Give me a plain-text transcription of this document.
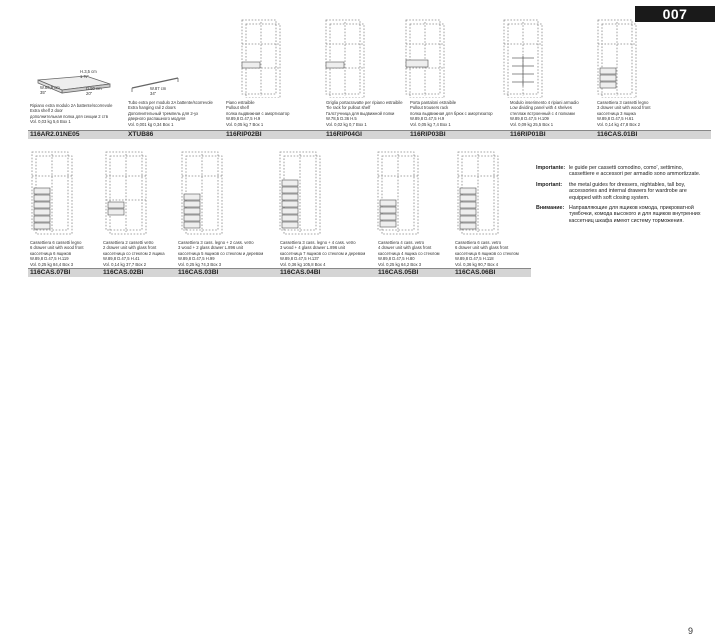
007
H.3,5 cm
1 ⅜"
W.86,8 cm
35"
D.50 cm
20"
W.87 cm
34"
Ripiano extra modulo 2A battente/scorrevole
Extra shelf 2 door
дополнительная полка для секции 2 ств
Vol. 0,03 kg 5,6 Box 1
Tubo extra per modulo 2A battente/scorrevole
Extra hanging rail 2 doors
Дополнительный тремпель для 2-ух
дверного распашного модуля
Vol. 0,001 kg 0,34 Box 1
Piano estraibile
Pullout shelf
полка выдвижная с амортизатор
W.89,8 D.47,5 H.9
Vol. 0,05 kg 7 Box 1
Griglia portacravatte per ripiano estraibile
Tie rack for pullout shelf
Галстучница для выдвижной полки
W.78,5 D.36 H.5
Vol. 0,02 kg 0,7 Box 1
Porta pantaloni estraibile
Pullout trousers rack
полка выдвижная для брюк с амортизатор
W.89,8 D.47,5 H.9
Vol. 0,05 kg 7,4 Box 1
Modulo inserimento 4 ripiani armadio
Low dividing panel with 4 shelves
стеллаж встроенный с 4 полками
W.89,8 D.47,5 H.109
Vol. 0,09 kg 25,5 Box 1
Cassettiera 3 cassetti legno
3 drawer unit with wood front
кассетница 3 ящика
W.89,8 D.47,5 H.61
Vol. 0,14 kg 47,8 Box 2
116AR2.01NE05	XTUB86	116RIP02BI	116RIP04GI	116RIP03BI	116RIP01BI	116CAS.01BI
Cassettiera 6 cassetti legno
6 drawer unit with wood front
кассетница 6 ящиков
W.89,8 D.47,5 H.119
Vol. 0,25 kg 84,4 Box 3
Cassettiera 2 cassetti vetro
2 drawer unit with glass front
кассетница со стеклом 2 ящика
W.89,8 D.47,5 H.41
Vol. 0,14 kg 37,7 Box 2
Cassettiera 3 cass. legno + 2 cass. vetro
3 wood + 2 glass drawer L.896 unit
кассетница 5 ящиков со стеклом и деревом
W.89,8 D.47,5 H.99
Vol. 0,25 kg 74,3 Box 3
Cassettiera 3 cass. legno + 4 cass. vetro
3 wood + 4 glass drawer L.896 unit
кассетница 7 ящиков со стеклом и деревом
W.89,8 D.47,5 H.137
Vol. 0,36 kg 105,8 Box 4
Cassettiera 4 cass. vetro
4 drawer unit with glass front
кассетница 4 ящика со стеклом
W.89,8 D.47,5 H.80
Vol. 0,25 kg 64,2 Box 3
Cassettiera 6 cass. vetro
6 drawer unit with glass front
кассетница 6 ящиков со стеклом
W.89,8 D.47,5 H.118
Vol. 0,36 kg 90,7 Box 4
116CAS.07BI	116CAS.02BI	116CAS.03BI	116CAS.04BI	116CAS.05BI	116CAS.06BI
Importante: le guide per cassetti comodino, como', settimino, cassettiere e accessori per armadio sono ammortizzate.
Important:	the metal guides for dressers, nightables, tall boy, accessories and internal drawers for wardrobe are equipped with soft closing system.
Внимание: Направляющие для ящиков комода, прикроватной тумбочки, комода высокого и для ящиков внутренних кассетниц шкафа имеют систему торможения.
9
